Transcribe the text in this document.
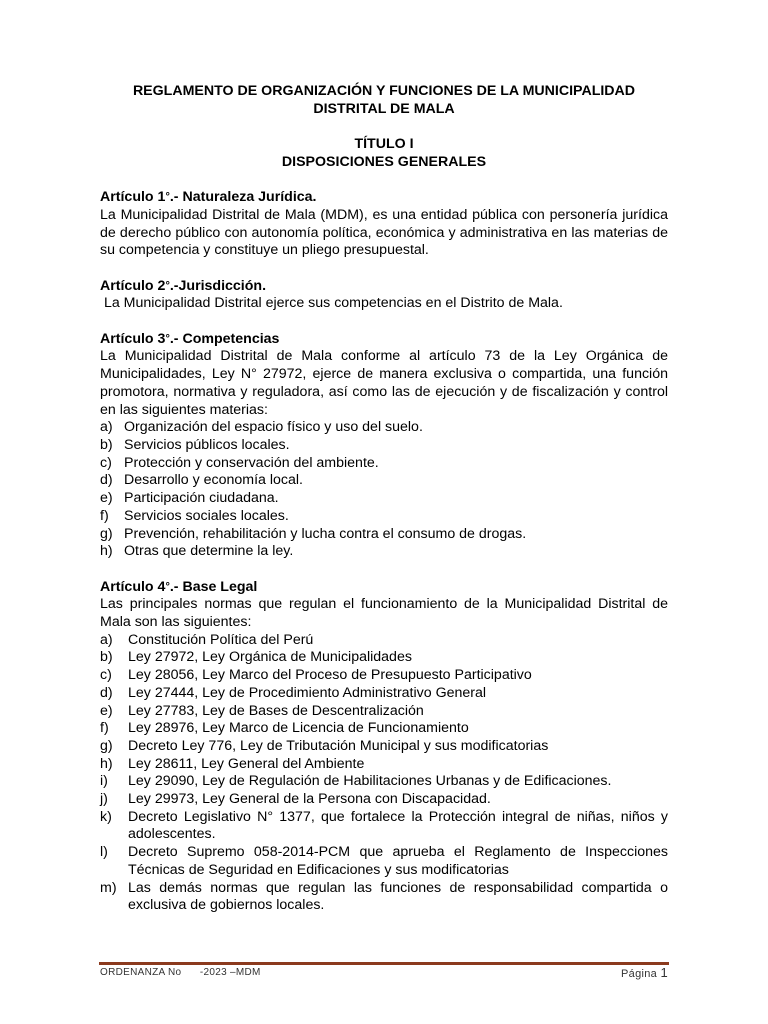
REGLAMENTO DE ORGANIZACIÓN Y FUNCIONES DE LA MUNICIPALIDAD

DISTRITAL DE MALA

TÍTULO I

DISPOSICIONES GENERALES

Artículo 1°.- Naturaleza Jurídica.

La Municipalidad Distrital de Mala (MDM), es una entidad pública con personería jurídica de derecho público con autonomía política, económica y administrativa en las materias de su competencia y constituye un pliego presupuestal.

Artículo 2°.-Jurisdicción.

La Municipalidad Distrital ejerce sus competencias en el Distrito de Mala.

Artículo 3°.- Competencias

La Municipalidad Distrital de Mala conforme al artículo 73 de la Ley Orgánica de Municipalidades, Ley N° 27972, ejerce de manera exclusiva o compartida, una función promotora, normativa y reguladora, así como las de ejecución y de fiscalización y control en las siguientes materias:

a) Organización del espacio físico y uso del suelo.
b) Servicios públicos locales.
c) Protección y conservación del ambiente.
d) Desarrollo y economía local.
e) Participación ciudadana.
f) Servicios sociales locales.
g) Prevención, rehabilitación y lucha contra el consumo de drogas.
h) Otras que determine la ley.

Artículo 4°.- Base Legal

Las principales normas que regulan el funcionamiento de la Municipalidad Distrital de Mala son las siguientes:

a) Constitución Política del Perú
b) Ley 27972, Ley Orgánica de Municipalidades
c) Ley 28056, Ley Marco del Proceso de Presupuesto Participativo
d) Ley 27444, Ley de Procedimiento Administrativo General
e) Ley 27783, Ley de Bases de Descentralización
f) Ley 28976, Ley Marco de Licencia de Funcionamiento
g) Decreto Ley 776, Ley de Tributación Municipal y sus modificatorias
h) Ley 28611, Ley General del Ambiente
i) Ley 29090, Ley de Regulación de Habilitaciones Urbanas y de Edificaciones.
j) Ley 29973, Ley General de la Persona con Discapacidad.
k) Decreto Legislativo N° 1377, que fortalece la Protección integral de niñas, niños y adolescentes.
l) Decreto Supremo 058-2014-PCM que aprueba el Reglamento de Inspecciones Técnicas de Seguridad en Edificaciones y sus modificatorias
m) Las demás normas que regulan las funciones de responsabilidad compartida o exclusiva de gobiernos locales.
ORDENANZA No      -2023 –MDM	Página 1
